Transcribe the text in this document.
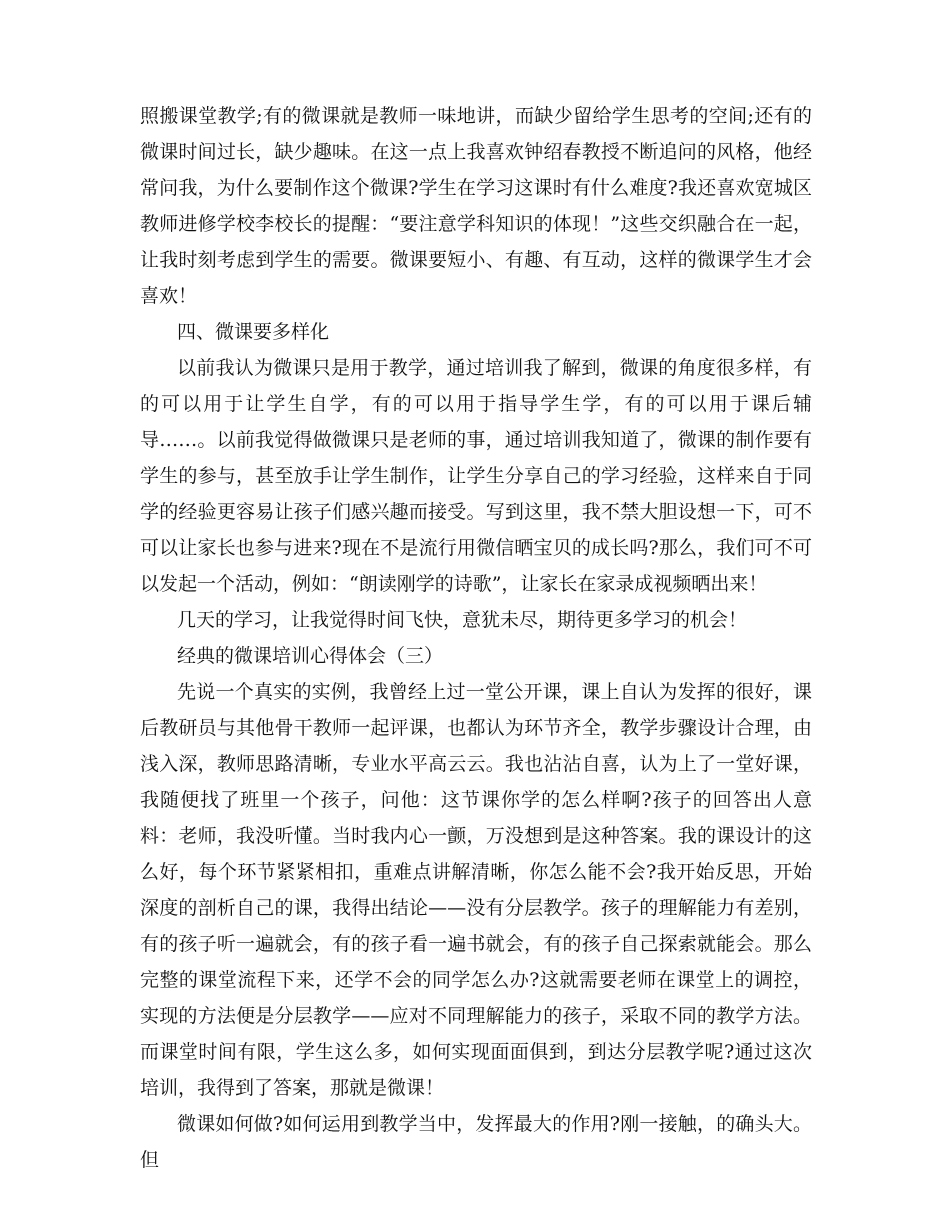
照搬课堂教学;有的微课就是教师一味地讲，而缺少留给学生思考的空间;还有的微课时间过长，缺少趣味。在这一点上我喜欢钟绍春教授不断追问的风格，他经常问我，为什么要制作这个微课?学生在学习这课时有什么难度?我还喜欢宽城区教师进修学校李校长的提醒：“要注意学科知识的体现！”这些交织融合在一起，让我时刻考虑到学生的需要。微课要短小、有趣、有互动，这样的微课学生才会喜欢！

四、微课要多样化

以前我认为微课只是用于教学，通过培训我了解到，微课的角度很多样，有的可以用于让学生自学，有的可以用于指导学生学，有的可以用于课后辅导……。以前我觉得做微课只是老师的事，通过培训我知道了，微课的制作要有学生的参与，甚至放手让学生制作，让学生分享自己的学习经验，这样来自于同学的经验更容易让孩子们感兴趣而接受。写到这里，我不禁大胆设想一下，可不可以让家长也参与进来?现在不是流行用微信晒宝贝的成长吗?那么，我们可不可以发起一个活动，例如：“朗读刚学的诗歌”，让家长在家录成视频晒出来！

几天的学习，让我觉得时间飞快，意犹未尽，期待更多学习的机会！

经典的微课培训心得体会（三）

先说一个真实的实例，我曾经上过一堂公开课，课上自认为发挥的很好，课后教研员与其他骨干教师一起评课，也都认为环节齐全，教学步骤设计合理，由浅入深，教师思路清晰，专业水平高云云。我也沾沾自喜，认为上了一堂好课，我随便找了班里一个孩子，问他：这节课你学的怎么样啊?孩子的回答出人意料：老师，我没听懂。当时我内心一颤，万没想到是这种答案。我的课设计的这么好，每个环节紧紧相扣，重难点讲解清晰，你怎么能不会?我开始反思，开始深度的剖析自己的课，我得出结论——没有分层教学。孩子的理解能力有差别，有的孩子听一遍就会，有的孩子看一遍书就会，有的孩子自己探索就能会。那么完整的课堂流程下来，还学不会的同学怎么办?这就需要老师在课堂上的调控，实现的方法便是分层教学——应对不同理解能力的孩子，采取不同的教学方法。而课堂时间有限，学生这么多，如何实现面面俱到，到达分层教学呢?通过这次培训，我得到了答案，那就是微课！

微课如何做?如何运用到教学当中，发挥最大的作用?刚一接触，的确头大。但
